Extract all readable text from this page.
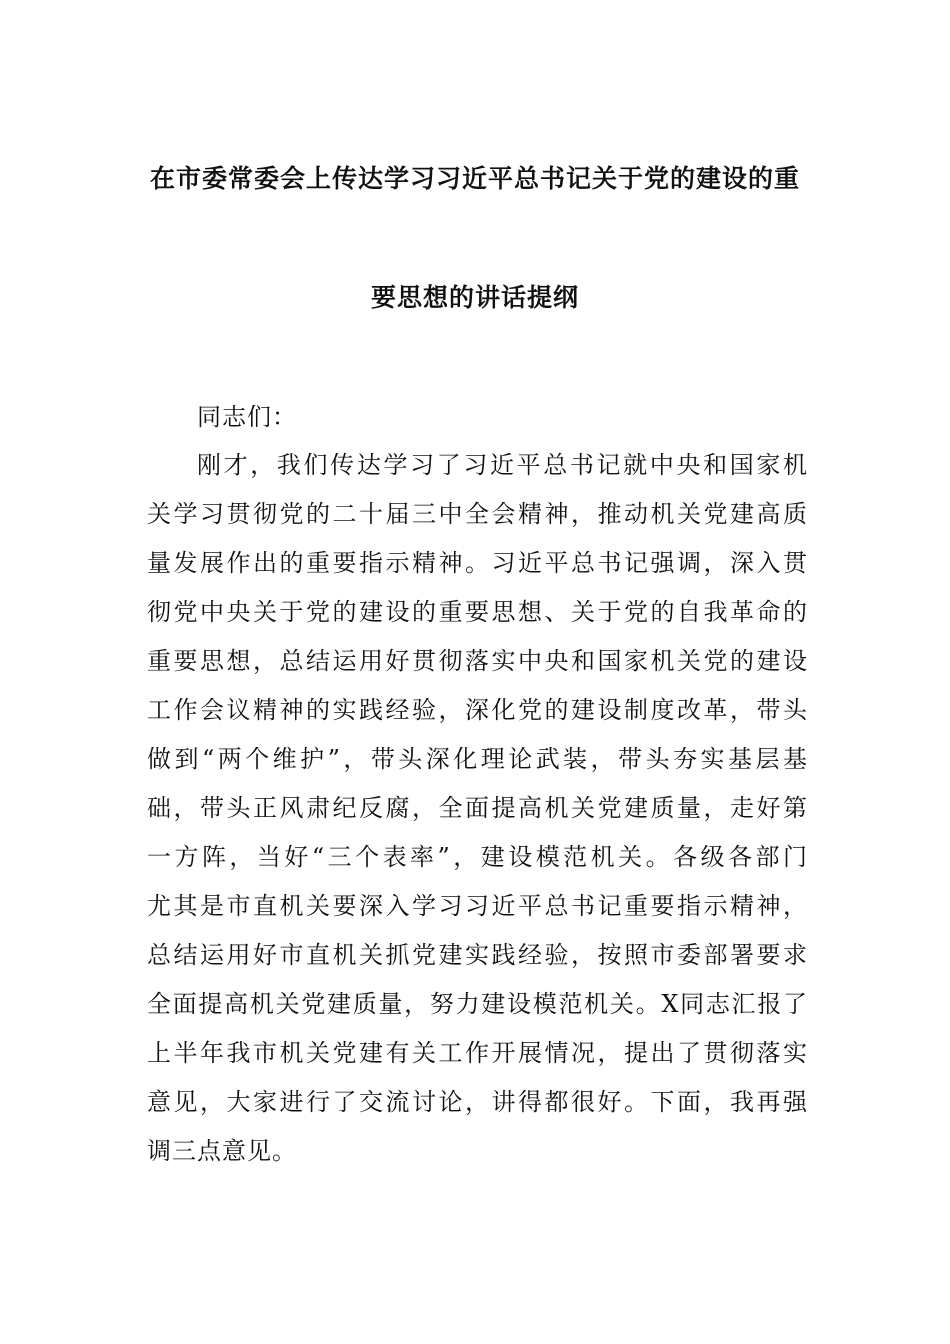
在市委常委会上传达学习习近平总书记关于党的建设的重
要思想的讲话提纲
同志们：
刚才，我们传达学习了习近平总书记就中央和国家机
关学习贯彻党的二十届三中全会精神，推动机关党建高质
量发展作出的重要指示精神。习近平总书记强调，深入贯
彻党中央关于党的建设的重要思想、关于党的自我革命的
重要思想，总结运用好贯彻落实中央和国家机关党的建设
工作会议精神的实践经验，深化党的建设制度改革，带头
做到“两个维护”，带头深化理论武装，带头夯实基层基
础，带头正风肃纪反腐，全面提高机关党建质量，走好第
一方阵，当好“三个表率”，建设模范机关。各级各部门
尤其是市直机关要深入学习习近平总书记重要指示精神，
总结运用好市直机关抓党建实践经验，按照市委部署要求
全面提高机关党建质量，努力建设模范机关。X同志汇报了
上半年我市机关党建有关工作开展情况，提出了贯彻落实
意见，大家进行了交流讨论，讲得都很好。下面，我再强
调三点意见。
